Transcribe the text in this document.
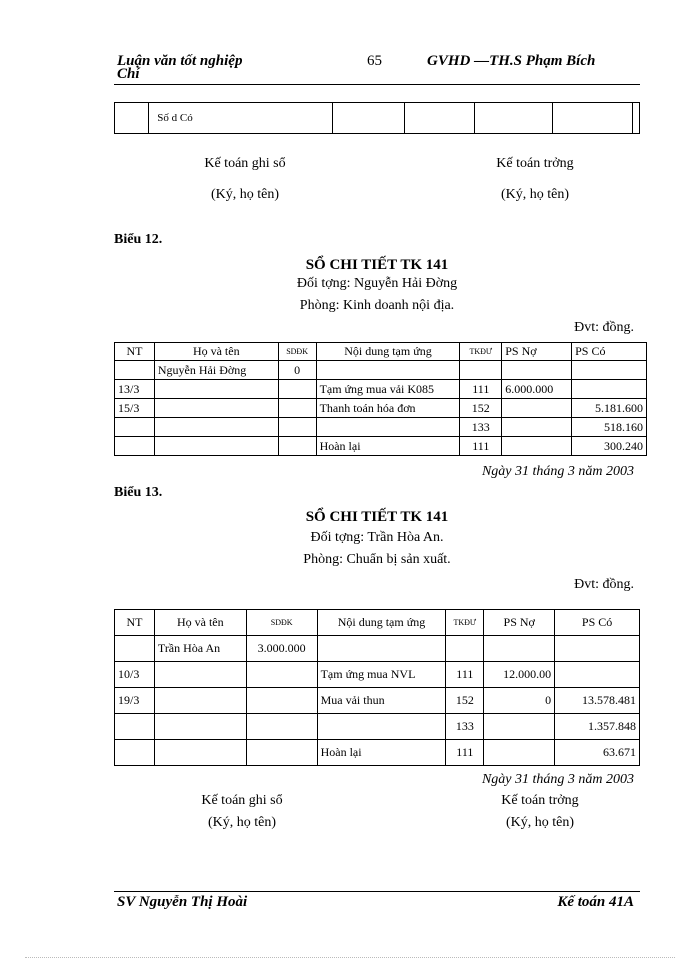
Luận văn tốt nghiệp
Chí
65	GVHD —TH.S Phạm Bích
	Số d Có					
Kế toán ghi sổ
(Ký, họ tên)
Kế toán trởng
(Ký, họ tên)
Biểu 12.
SỔ CHI TIẾT TK 141
Đối tợng: Nguyễn Hải Đờng
Phòng: Kinh doanh nội địa.
Đvt: đồng.
NT	Họ và tên	SDĐK	Nội dung tạm ứng	TKĐƯ	PS Nợ	PS Có
	Nguyễn Hải Đờng	0				
13/3			Tạm ứng mua vải K085	111	6.000.000	
15/3			Thanh toán hóa đơn	152		5.181.600
				133		518.160
			Hoàn lại	111		300.240
Ngày 31 tháng 3 năm 2003
Biểu 13.
SỔ CHI TIẾT TK 141
Đối tợng: Trần Hòa An.
Phòng: Chuẩn bị sản xuất.
Đvt: đồng.
NT	Họ và tên	SDĐK	Nội dung tạm ứng	TKĐƯ	PS Nợ	PS Có
	Trần Hòa An	3.000.000				
10/3			Tạm ứng mua NVL	111	12.000.00	
19/3			Mua vải thun	152	0	13.578.481
				133		1.357.848
			Hoàn lại	111		63.671
Ngày 31 tháng 3 năm 2003
Kế toán ghi sổ
(Ký, họ tên)
Kế toán trởng
(Ký, họ tên)
SV Nguyễn Thị Hoài	Kế toán 41A
